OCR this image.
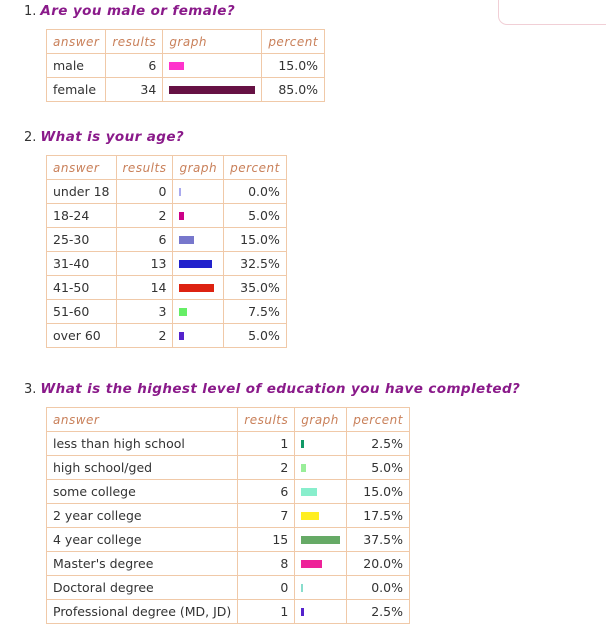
1. Are you male or female?
answer	results	graph	percent
male	6		15.0%
female	34		85.0%
2. What is your age?
answer	results	graph	percent
under 18	0		0.0%
18-24	2		5.0%
25-30	6		15.0%
31-40	13		32.5%
41-50	14		35.0%
51-60	3		7.5%
over 60	2		5.0%
3. What is the highest level of education you have completed?
answer	results	graph	percent
less than high school	1		2.5%
high school/ged	2		5.0%
some college	6		15.0%
2 year college	7		17.5%
4 year college	15		37.5%
Master's degree	8		20.0%
Doctoral degree	0		0.0%
Professional degree (MD, JD)	1		2.5%
